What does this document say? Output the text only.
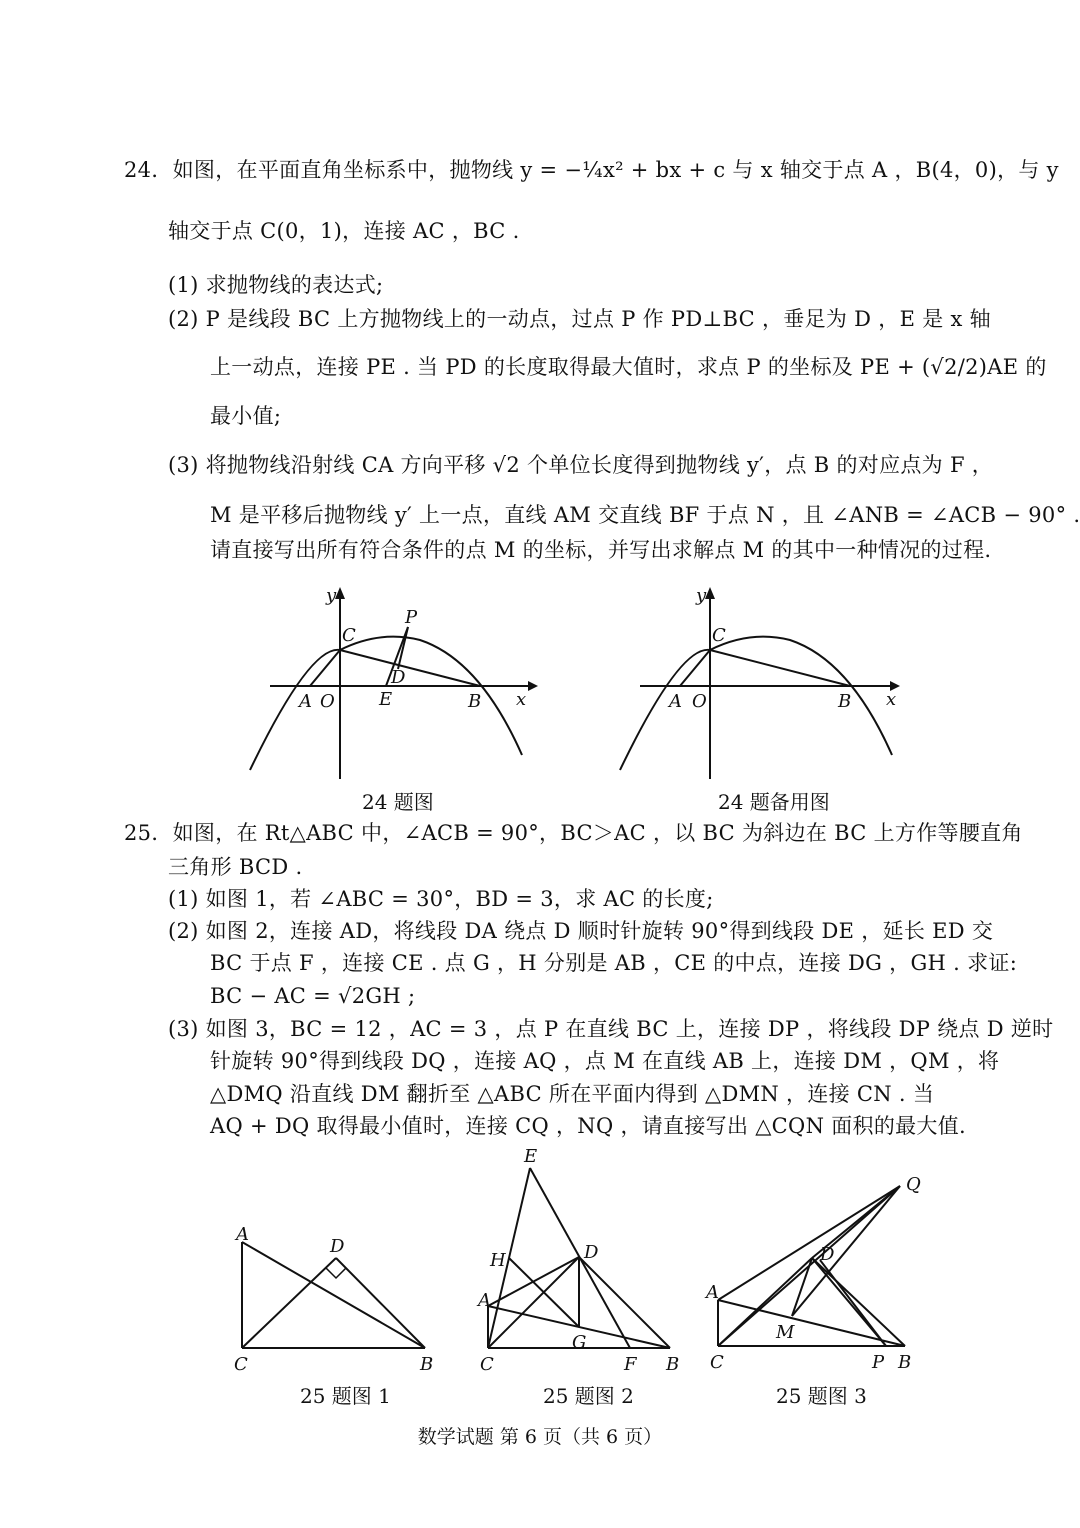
24．如图，在平面直角坐标系中，抛物线 y = −¼x² + bx + c 与 x 轴交于点 A ，B(4，0)，与 y
轴交于点 C(0，1)，连接 AC ，BC .
(1) 求抛物线的表达式;
(2) P 是线段 BC 上方抛物线上的一动点，过点 P 作 PD⊥BC ，垂足为 D ，E 是 x 轴
上一动点，连接 PE . 当 PD 的长度取得最大值时，求点 P 的坐标及 PE + (√2/2)AE 的
最小值;
(3) 将抛物线沿射线 CA 方向平移 √2 个单位长度得到抛物线 y′，点 B 的对应点为 F ，
M 是平移后抛物线 y′ 上一点，直线 AM 交直线 BF 于点 N ，且 ∠ANB = ∠ACB − 90° .
请直接写出所有符合条件的点 M 的坐标，并写出求解点 M 的其中一种情况的过程.
y
C
P
D
A O E	B x
24 题图
y
C
A O	B x
24 题备用图
25．如图，在 Rt△ABC 中，∠ACB = 90°，BC＞AC ，以 BC 为斜边在 BC 上方作等腰直角
三角形 BCD .
(1) 如图 1，若 ∠ABC = 30°，BD = 3，求 AC 的长度;
(2) 如图 2，连接 AD，将线段 DA 绕点 D 顺时针旋转 90°得到线段 DE ，延长 ED 交
BC 于点 F ，连接 CE . 点 G ，H 分别是 AB ，CE 的中点，连接 DG ，GH . 求证:
BC − AC = √2GH ;
(3) 如图 3，BC = 12 ，AC = 3 ，点 P 在直线 BC 上，连接 DP ，将线段 DP 绕点 D 逆时
针旋转 90°得到线段 DQ ，连接 AQ ，点 M 在直线 AB 上，连接 DM ，QM ，将
△DMQ 沿直线 DM 翻折至 △ABC 所在平面内得到 △DMN ，连接 CN . 当
AQ + DQ 取得最小值时，连接 CQ ，NQ ，请直接写出 △CQN 面积的最大值.
A
D
C	B
25 题图 1
E
H	D
A
G
C	F B
25 题图 2
Q
D
A
M
C	P B
25 题图 3
数学试题 第 6 页（共 6 页）
